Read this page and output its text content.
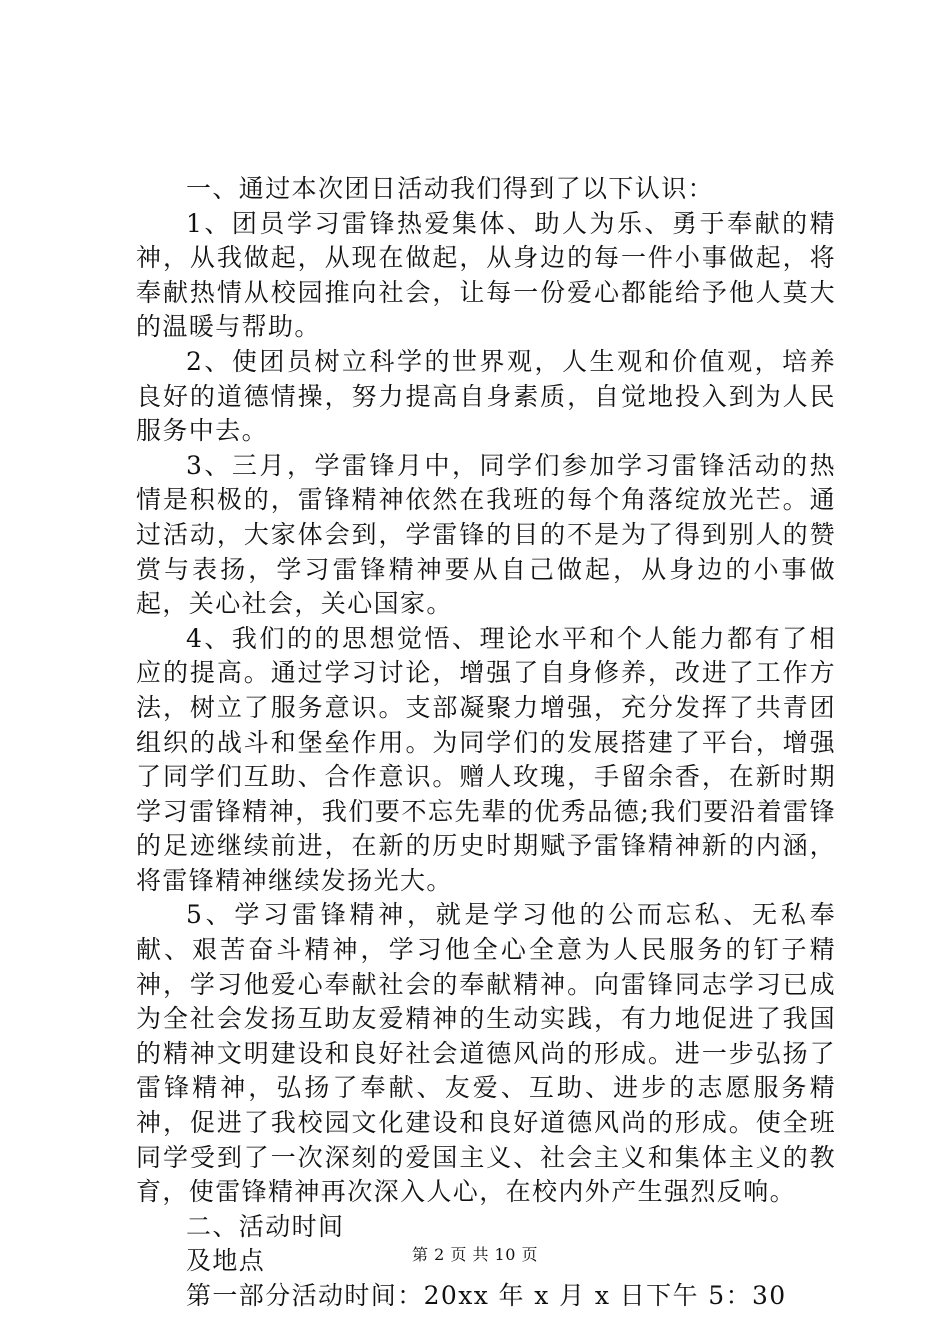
一、通过本次团日活动我们得到了以下认识：

1、团员学习雷锋热爱集体、助人为乐、勇于奉献的精神，从我做起，从现在做起，从身边的每一件小事做起，将奉献热情从校园推向社会，让每一份爱心都能给予他人莫大的温暖与帮助。

2、使团员树立科学的世界观，人生观和价值观，培养良好的道德情操，努力提高自身素质，自觉地投入到为人民服务中去。

3、三月，学雷锋月中，同学们参加学习雷锋活动的热情是积极的，雷锋精神依然在我班的每个角落绽放光芒。通过活动，大家体会到，学雷锋的目的不是为了得到别人的赞赏与表扬，学习雷锋精神要从自己做起，从身边的小事做起，关心社会，关心国家。

4、我们的的思想觉悟、理论水平和个人能力都有了相应的提高。通过学习讨论，增强了自身修养，改进了工作方法，树立了服务意识。支部凝聚力增强，充分发挥了共青团组织的战斗和堡垒作用。为同学们的发展搭建了平台，增强了同学们互助、合作意识。赠人玫瑰，手留余香，在新时期学习雷锋精神，我们要不忘先辈的优秀品德;我们要沿着雷锋的足迹继续前进，在新的历史时期赋予雷锋精神新的内涵，将雷锋精神继续发扬光大。

5、学习雷锋精神，就是学习他的公而忘私、无私奉献、艰苦奋斗精神，学习他全心全意为人民服务的钉子精神，学习他爱心奉献社会的奉献精神。向雷锋同志学习已成为全社会发扬互助友爱精神的生动实践，有力地促进了我国的精神文明建设和良好社会道德风尚的形成。进一步弘扬了雷锋精神，弘扬了奉献、友爱、互助、进步的志愿服务精神，促进了我校园文化建设和良好道德风尚的形成。使全班同学受到了一次深刻的爱国主义、社会主义和集体主义的教育，使雷锋精神再次深入人心，在校内外产生强烈反响。

二、活动时间

及地点

第一部分活动时间：20xx 年 x 月 x 日下午 5：30

第 2 页 共 10 页
